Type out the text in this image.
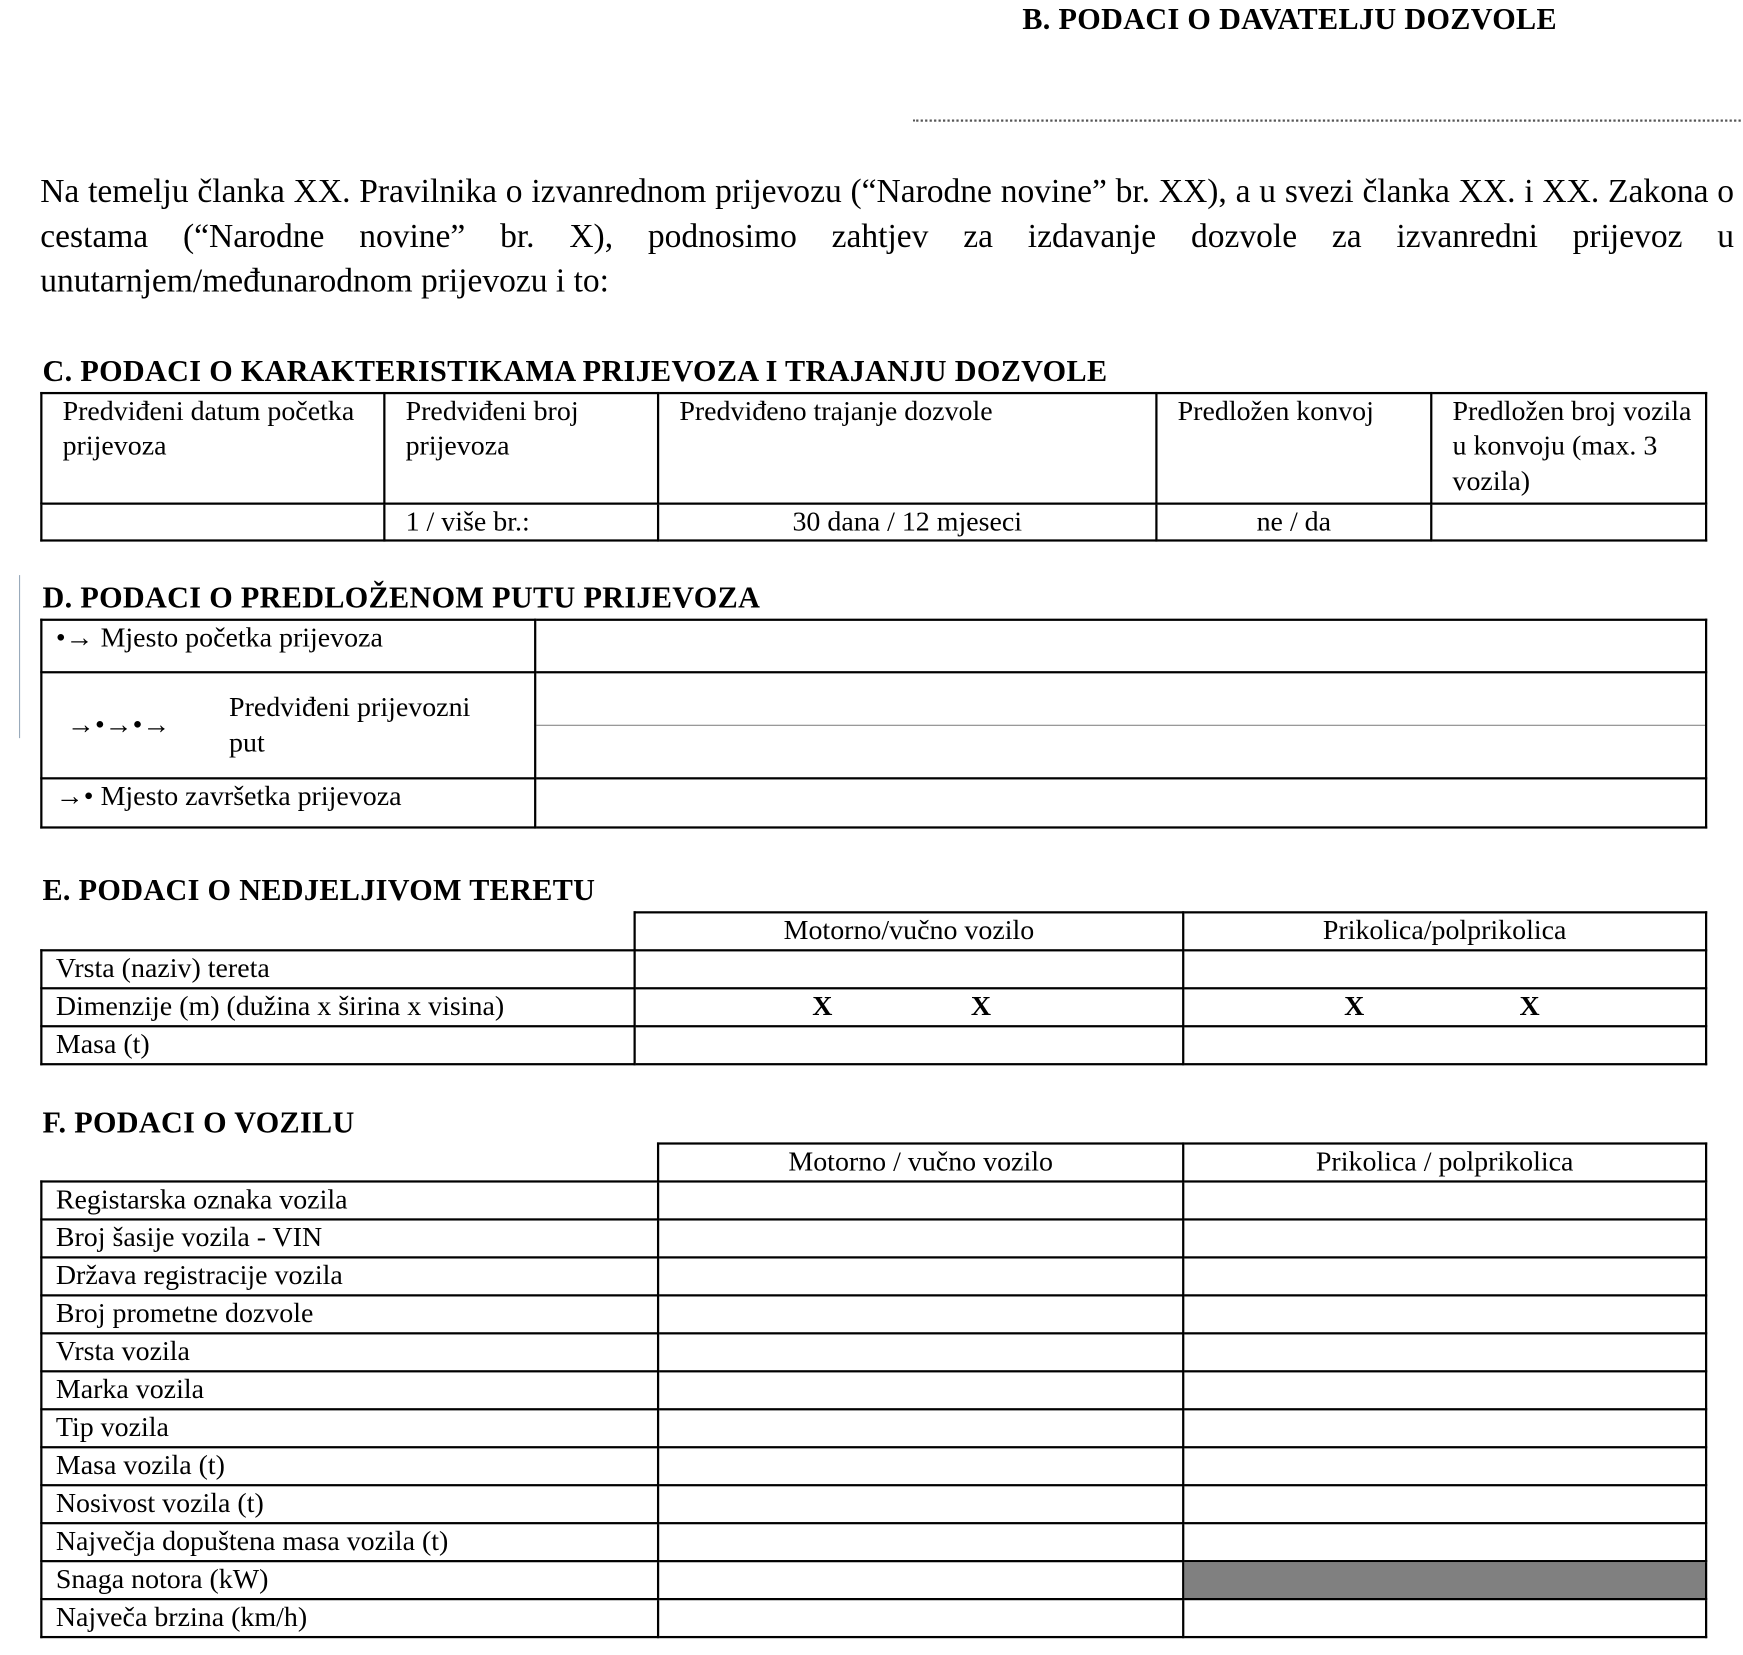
B. PODACI O DAVATELJU DOZVOLE
Na temelju članka XX. Pravilnika o izvanrednom prijevozu (“Narodne novine” br. XX), a u svezi članka XX. i XX. Zakona o cestama (“Narodne novine” br. X), podnosimo zahtjev za izdavanje dozvole za izvanredni prijevoz u unutarnjem/međunarodnom prijevozu i to:
C. PODACI O KARAKTERISTIKAMA PRIJEVOZA I TRAJANJU DOZVOLE
Predviđeni datum početka prijevoza	Predviđeni broj prijevoza	Predviđeno trajanje dozvole	Predložen konvoj	Predložen broj vozila u konvoju (max. 3 vozila)
	1 / više br.:	30 dana / 12 mjeseci	ne / da	
D. PODACI O PREDLOŽENOM PUTU PRIJEVOZA
•→ Mjesto početka prijevoza	

→•→•→
Predviđeni prijevozni put	

→• Mjesto završetka prijevoza	
E. PODACI O NEDJELJIVOM TERETU
	Motorno/vučno vozilo	Prikolica/polprikolica
Vrsta (naziv) tereta		
Dimenzije (m) (dužina x širina x visina)	X X	X X

Masa (t)		
F. PODACI O VOZILU
	Motorno / vučno vozilo	Prikolica / polprikolica
Registarska oznaka vozila		
Broj šasije vozila - VIN		
Država registracije vozila		
Broj prometne dozvole		
Vrsta vozila		
Marka vozila		
Tip vozila		
Masa vozila (t)		
Nosivost vozila (t)		
Največja dopuštena masa vozila (t)		
Snaga notora (kW)		
Največa brzina (km/h)		
